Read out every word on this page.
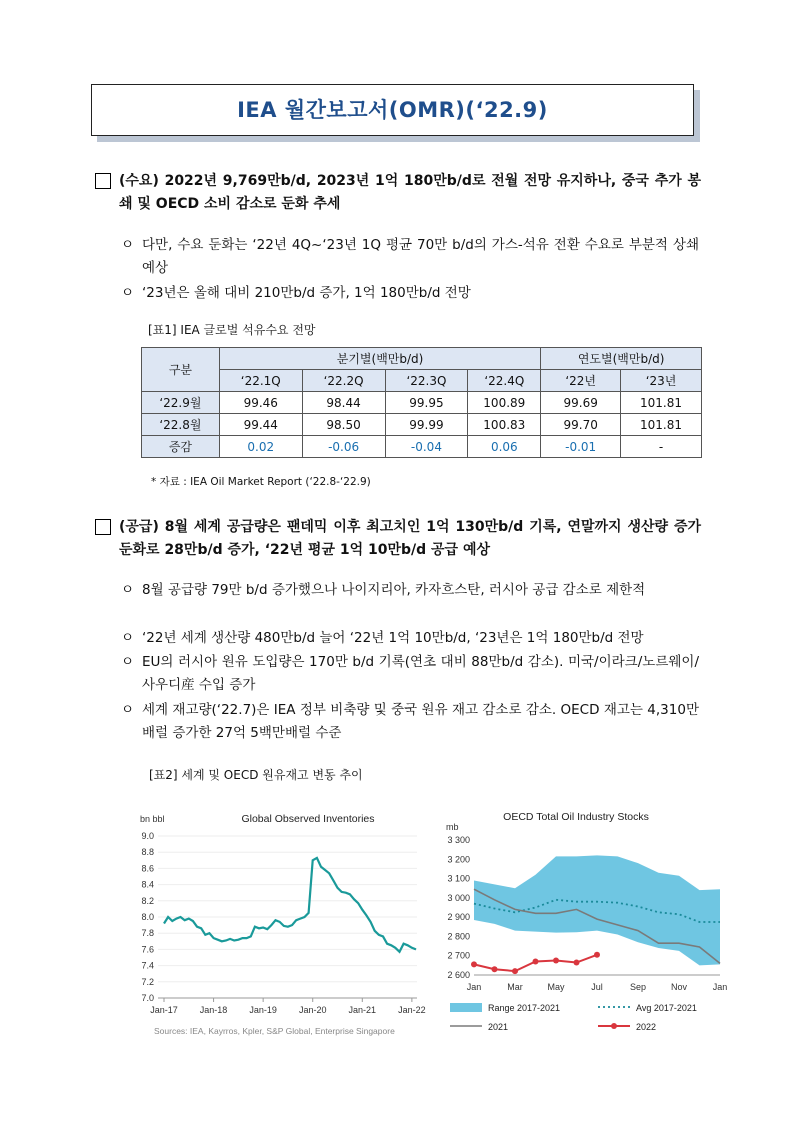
IEA 월간보고서(OMR)(‘22.9)
(수요) 2022년 9,769만b/d, 2023년 1억 180만b/d로 전월 전망 유지하나, 중국 추가 봉쇄 및 OECD 소비 감소로 둔화 추세
ㅇ 다만, 수요 둔화는 ‘22년 4Q~‘23년 1Q 평균 70만 b/d의 가스-석유 전환 수요로 부분적 상쇄 예상
ㅇ ‘23년은 올해 대비 210만b/d 증가, 1억 180만b/d 전망
[표1] IEA 글로벌 석유수요 전망
구분	분기별(백만b/d)				연도별(백만b/d)	
	‘22.1Q	‘22.2Q	‘22.3Q	‘22.4Q	‘22년	‘23년
‘22.9월	99.46	98.44	99.95	100.89	99.69	101.81
‘22.8월	99.44	98.50	99.99	100.83	99.70	101.81
증감	0.02	-0.06	-0.04	0.06	-0.01	-
* 자료 : IEA Oil Market Report (‘22.8-‘22.9)
(공급) 8월 세계 공급량은 팬데믹 이후 최고치인 1억 130만b/d 기록, 연말까지 생산량 증가 둔화로 28만b/d 증가, ‘22년 평균 1억 10만b/d 공급 예상
ㅇ 8월 공급량 79만 b/d 증가했으나 나이지리아, 카자흐스탄, 러시아 공급 감소로 제한적
ㅇ ‘22년 세계 생산량 480만b/d 늘어 ‘22년 1억 10만b/d, ‘23년은 1억 180만b/d 전망
ㅇ EU의 러시아 원유 도입량은 170만 b/d 기록(연초 대비 88만b/d 감소). 미국/이라크/노르웨이/사우디産 수입 증가
ㅇ 세계 재고량(‘22.7)은 IEA 정부 비축량 및 중국 원유 재고 감소로 감소. OECD 재고는 4,310만배럴 증가한 27억 5백만배럴 수준
[표2] 세계 및 OECD 원유재고 변동 추이
Global Observed Inventories
bn bbl
9.0
8.8
8.6
8.4
8.2
8.0
7.8
7.6
7.4
7.2
7.0
Jan-17 Jan-18 Jan-19 Jan-20 Jan-21 Jan-22
Sources: IEA, Kayrros, Kpler, S&P Global, Enterprise Singapore
OECD Total Oil Industry Stocks
mb
3 300
3 200
3 100
3 000
2 900
2 800
2 700
2 600
Jan	Mar	May	Jul	Sep	Nov	Jan
Range 2017-2021	Avg 2017-2021
2021	2022
